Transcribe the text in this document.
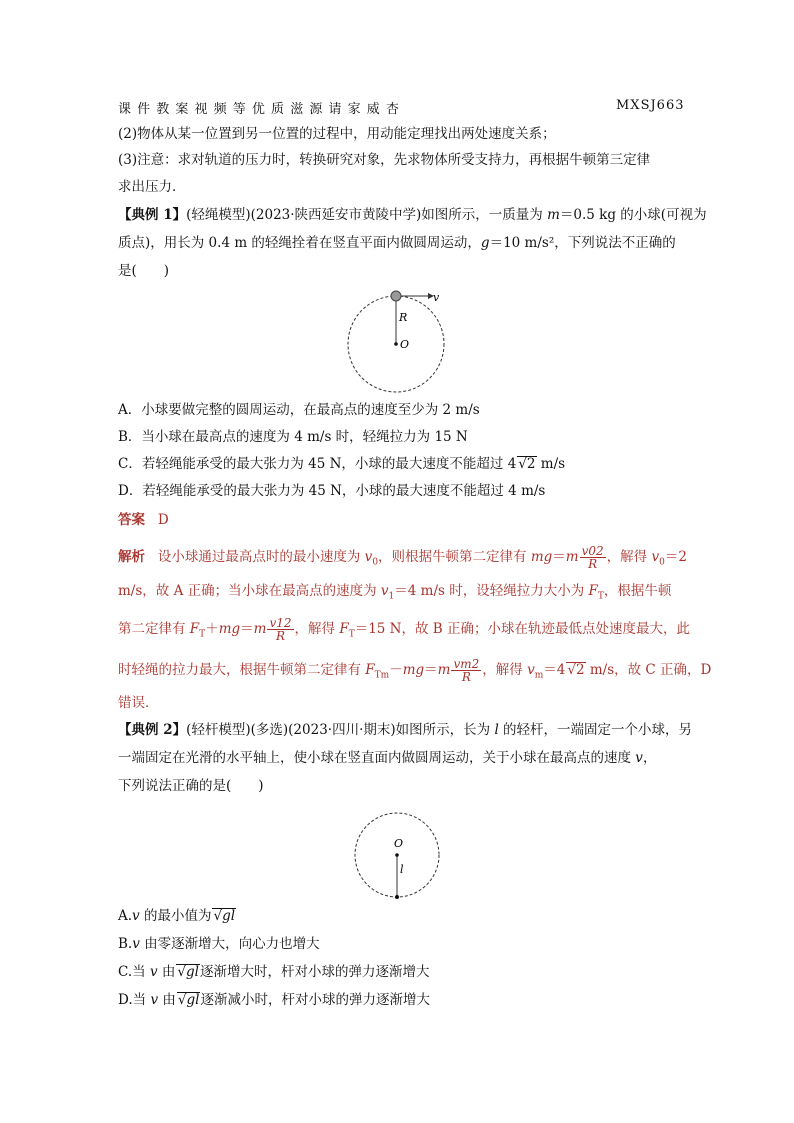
课 件 教 案 视 频 等 优 质 滋 源 请 家 威 杏	MXSJ663
(2)物体从某一位置到另一位置的过程中，用动能定理找出两处速度关系；
(3)注意：求对轨道的压力时，转换研究对象，先求物体所受支持力，再根据牛顿第三定律
求出压力．
【典例 1】(轻绳模型)(2023·陕西延安市黄陵中学)如图所示，一质量为 m＝0.5 kg 的小球(可视为
质点)，用长为 0.4 m 的轻绳拴着在竖直平面内做圆周运动，g＝10 m/s²，下列说法不正确的
是(　　)
v
R
O
A．小球要做完整的圆周运动，在最高点的速度至少为 2 m/s
B．当小球在最高点的速度为 4 m/s 时，轻绳拉力为 15 N
C．若轻绳能承受的最大张力为 45 N，小球的最大速度不能超过 4 √2 m/s
D．若轻绳能承受的最大张力为 45 N，小球的最大速度不能超过 4 m/s
答案 D
解析 设小球通过最高点时的最小速度为 $v_0$，则根据牛顿第二定律有 $mg=m \frac{v02}{R}$ ，解得 $v_0=2$
m/s，故 A 正确；当小球在最高点的速度为 $v_1=4$ m/s 时，设轻绳拉力大小为 $F_T$，根据牛顿
第二定律有 $F_T+mg=m \frac{v12}{R}$ ，解得 $F_T=15$ N，故 B 正确；小球在轨迹最低点处速度最大，此
时轻绳的拉力最大，根据牛顿第二定律有 $F_{Tm}-mg=m \frac{vm2}{R}$ ，解得 $v_m=4$ √2 m/s，故 C 正确，D
错误．
【典例 2】(轻杆模型)(多选)(2023·四川·期末)如图所示，长为 l 的轻杆，一端固定一个小球，另
一端固定在光滑的水平轴上，使小球在竖直面内做圆周运动，关于小球在最高点的速度 v，
下列说法正确的是(　　)
O
l
A.v 的最小值为 √gl
B.v 由零逐渐增大，向心力也增大
C.当 v 由 √gl逐渐增大时，杆对小球的弹力逐渐增大
D.当 v 由 √gl逐渐减小时，杆对小球的弹力逐渐增大
